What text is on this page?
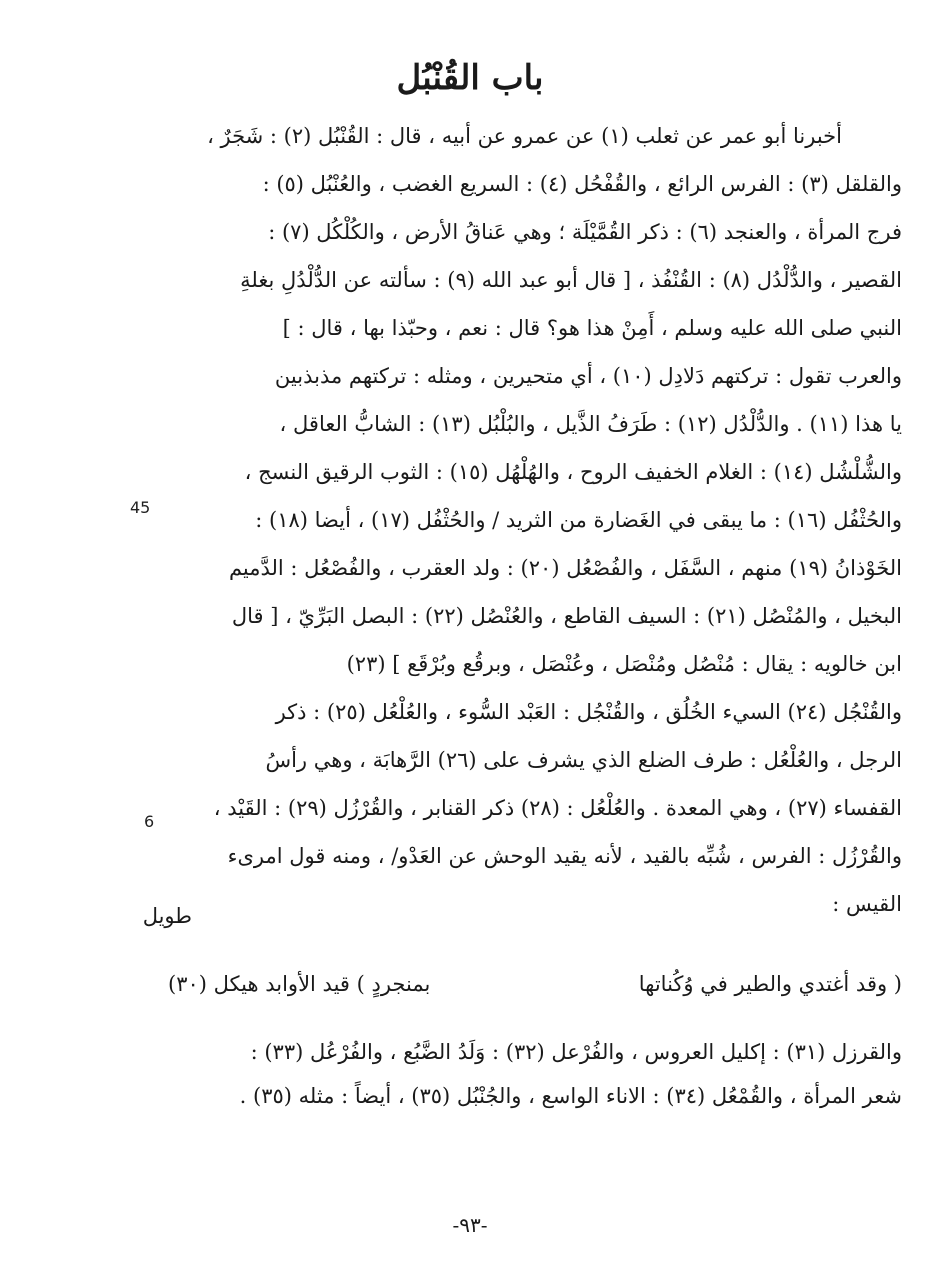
باب القُنْبُل
أخبرنا أبو عمر عن ثعلب (١) عن عمرو عن أبيه ، قال : القُنْبُل (٢) : شَجَرٌ ،
والقلقل (٣) : الفرس الرائع ، والقُفْحُل (٤) : السريع الغضب ، والعُنْبُل (٥) :
فرج المرأة ، والعنجد (٦) : ذكر القُمَّيْلَة ؛ وهي عَناقُ الأرض ، والكُلْكُل (٧) :
القصير ، والدُّلْدُل (٨) : القُنْفُذ ، [ قال أبو عبد الله (٩) : سألته عن الدُّلْدُلِ بغلةِ
النبي صلى الله عليه وسلم ، أَمِنْ هذا هو؟ قال : نعم ، وحبّذا بها ، قال : ]
والعرب تقول : تركتهم دَلادِل (١٠) ، أي متحيرين ، ومثله : تركتهم مذبذبين
يا هذا (١١) . والدُّلْدُل (١٢) : طَرَفُ الذَّيل ، والبُلْبُل (١٣) : الشابُّ العاقل ،
والشُّلْشُل (١٤) : الغلام الخفيف الروح ، والهُلْهُل (١٥) : الثوب الرقيق النسج ،
والحُثْفُل (١٦) : ما يبقى في الغَضارة من الثريد / والحُثْفُل (١٧) ، أيضا (١٨) :
الخَوْذانُ (١٩) منهم ، السَّفَل ، والفُصْعُل (٢٠) : ولد العقرب ، والفُصْعُل : الدَّميم
البخيل ، والمُنْصُل (٢١) : السيف القاطع ، والعُنْصُل (٢٢) : البصل البَرِّيّ ، [ قال
ابن خالويه : يقال : مُنْصُل ومُنْصَل ، وعُنْصَل ، وبرقُع وبُرْقَع ] (٢٣)
والقُنْجُل (٢٤) السيء الخُلُق ، والقُنْجُل : العَبْد السُّوء ، والعُلْعُل (٢٥) : ذكر
الرجل ، والعُلْعُل : طرف الضلع الذي يشرف على (٢٦) الرَّهابَة ، وهي رأسُ
القفساء (٢٧) ، وهي المعدة . والعُلْعُل : (٢٨) ذكر القنابر ، والقُرْزُل (٢٩) : القَيْد ،
والقُرْزُل : الفرس ، شُبِّه بالقيد ، لأنه يقيد الوحش عن العَدْو/ ، ومنه قول امرىء
القيس :
45
6
طويل
( وقد أغتدي والطير في وُكُناتها
بمنجردٍ ) قيد الأوابد هيكل (٣٠)
والقرزل (٣١) : إكليل العروس ، والفُرْعل (٣٢) : وَلَدُ الضَّبُع ، والفُرْعُل (٣٣) :
شعر المرأة ، والقُمْعُل (٣٤) : الاناء الواسع ، والجُنْبُل (٣٥) ، أيضاً : مثله (٣٥) .
-٩٣-
